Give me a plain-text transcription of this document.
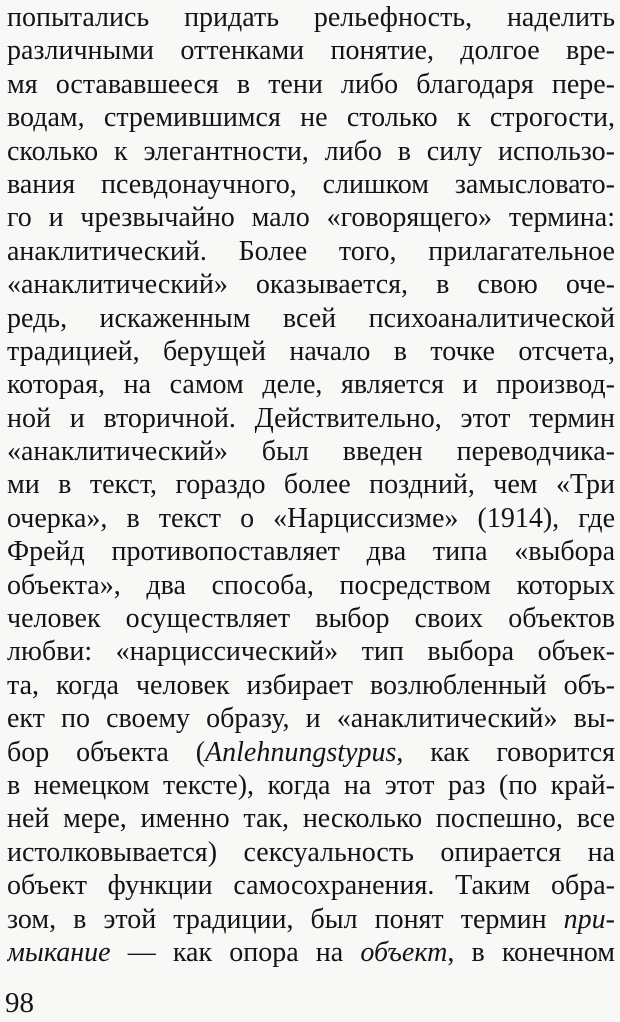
попытались придать рельефность, наделить
различными оттенками понятие, долгое вре-
мя остававшееся в тени либо благодаря пере-
водам, стремившимся не столько к строгости,
сколько к элегантности, либо в силу использо-
вания псевдонаучного, слишком замысловато-
го и чрезвычайно мало «говорящего» термина:
анаклитический. Более того, прилагательное
«анаклитический» оказывается, в свою оче-
редь, искаженным всей психоаналитической
традицией, берущей начало в точке отсчета,
которая, на самом деле, является и производ-
ной и вторичной. Действительно, этот термин
«анаклитический» был введен переводчика-
ми в текст, гораздо более поздний, чем «Три
очерка», в текст о «Нарциссизме» (1914), где
Фрейд противопоставляет два типа «выбора
объекта», два способа, посредством которых
человек осуществляет выбор своих объектов
любви: «нарциссический» тип выбора объек-
та, когда человек избирает возлюбленный объ-
ект по своему образу, и «анаклитический» вы-
бор объекта (Anlehnungstypus, как говорится
в немецком тексте), когда на этот раз (по край-
ней мере, именно так, несколько поспешно, все
истолковывается) сексуальность опирается на
объект функции самосохранения. Таким обра-
зом, в этой традиции, был понят термин при-
мыкание — как опора на объект, в конечном
98
